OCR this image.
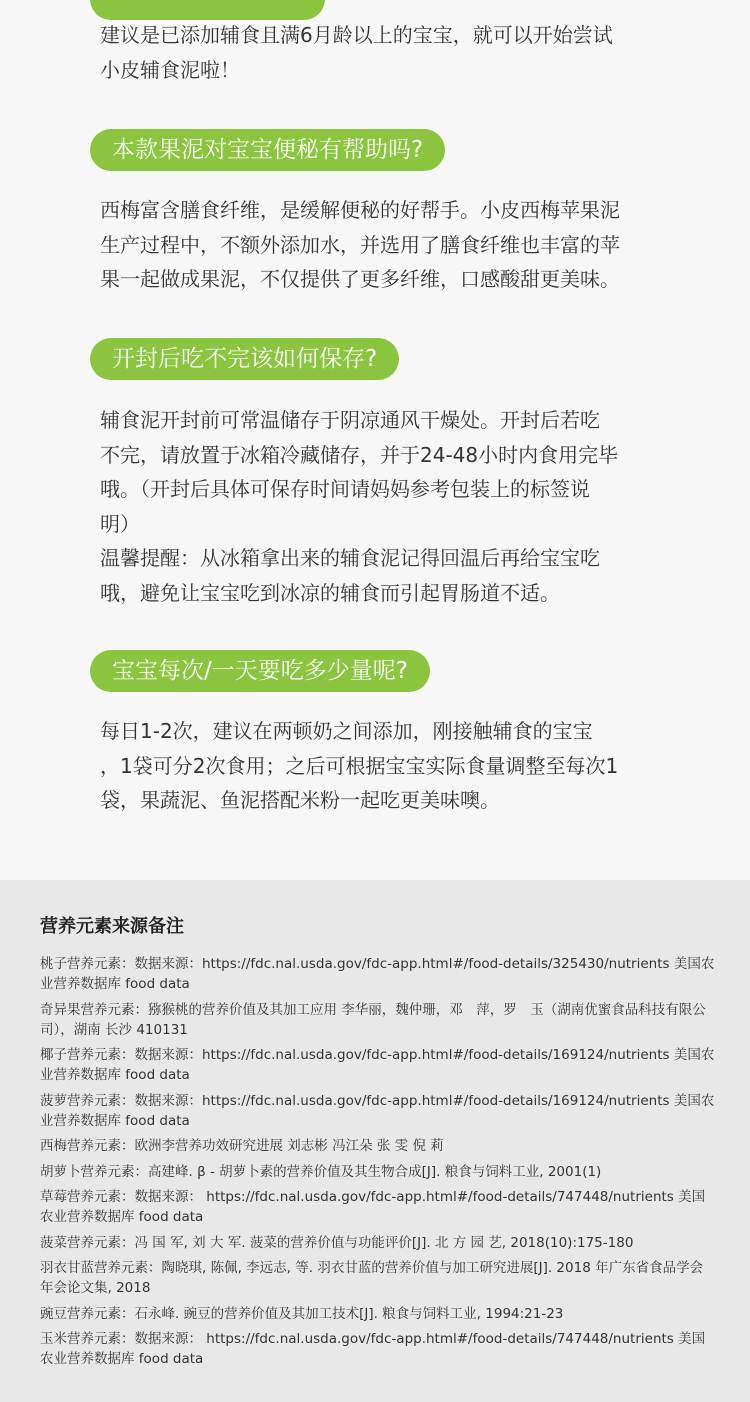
建议是已添加辅食且满6月龄以上的宝宝，就可以开始尝试

小皮辅食泥啦！

本款果泥对宝宝便秘有帮助吗?

西梅富含膳食纤维，是缓解便秘的好帮手。小皮西梅苹果泥

生产过程中，不额外添加水，并选用了膳食纤维也丰富的苹

果一起做成果泥，不仅提供了更多纤维，口感酸甜更美味。

开封后吃不完该如何保存?

辅食泥开封前可常温储存于阴凉通风干燥处。开封后若吃

不完，请放置于冰箱冷藏储存，并于24-48小时内食用完毕

哦。（开封后具体可保存时间请妈妈参考包装上的标签说

明）

温馨提醒：从冰箱拿出来的辅食泥记得回温后再给宝宝吃

哦，避免让宝宝吃到冰凉的辅食而引起胃肠道不适。

宝宝每次/一天要吃多少量呢?

每日1-2次，建议在两顿奶之间添加，刚接触辅食的宝宝

，1袋可分2次食用；之后可根据宝宝实际食量调整至每次1

袋，果蔬泥、鱼泥搭配米粉一起吃更美味噢。

营养元素来源备注
桃子营养元素：数据来源：https://fdc.nal.usda.gov/fdc-app.html#/food-details/325430/nutrients 美国农业营养数据库 food data
奇异果营养元素：猕猴桃的营养价值及其加工应用 李华丽，魏仲珊，邓　萍，罗　玉（湖南优蜜食品科技有限公司），湖南 长沙 410131
椰子营养元素：数据来源：https://fdc.nal.usda.gov/fdc-app.html#/food-details/169124/nutrients 美国农业营养数据库 food data
菠萝营养元素：数据来源：https://fdc.nal.usda.gov/fdc-app.html#/food-details/169124/nutrients 美国农业营养数据库 food data
西梅营养元素：欧洲李营养功效研究进展 刘志彬 冯江朵 张 雯 倪 莉
胡萝卜营养元素：高建峰. β - 胡萝卜素的营养价值及其生物合成[J]. 粮食与饲料工业, 2001(1)
草莓营养元素：数据来源： https://fdc.nal.usda.gov/fdc-app.html#/food-details/747448/nutrients 美国农业营养数据库 food data
菠菜营养元素：冯 国 军, 刘 大 军. 菠菜的营养价值与功能评价[J]. 北 方 园 艺, 2018(10):175-180
羽衣甘蓝营养元素：陶晓琪, 陈佩, 李远志, 等. 羽衣甘蓝的营养价值与加工研究进展[J]. 2018 年广东省食品学会年会论文集, 2018
豌豆营养元素：石永峰. 豌豆的营养价值及其加工技术[J]. 粮食与饲料工业, 1994:21-23
玉米营养元素：数据来源： https://fdc.nal.usda.gov/fdc-app.html#/food-details/747448/nutrients 美国农业营养数据库 food data
